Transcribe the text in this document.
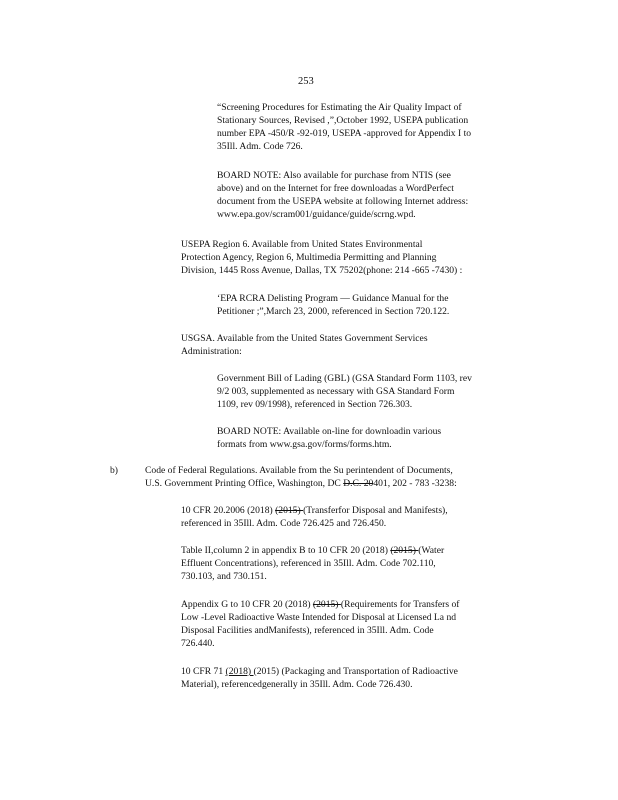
253
“Screening Procedures for Estimating the Air Quality Impact of
Stationary Sources, Revised ,”,October 1992, USEPA publication
number EPA -450/R -92-019, USEPA -approved for Appendix I to
35Ill. Adm. Code 726.
BOARD NOTE: Also available for purchase from NTIS (see
above) and on the Internet for free downloadas a WordPerfect
document from the USEPA website at following Internet address:
www.epa.gov/scram001/guidance/guide/scrng.wpd.
USEPA Region 6. Available from United States Environmental
Protection Agency, Region 6, Multimedia Permitting and Planning
Division, 1445 Ross Avenue, Dallas, TX 75202(phone: 214 -665 -7430) :
‘EPA RCRA Delisting Program — Guidance Manual for the
Petitioner ;”,March 23, 2000, referenced in Section 720.122.
USGSA. Available from the United States Government Services
Administration:
Government Bill of Lading (GBL) (GSA Standard Form 1103, rev
9/2 003, supplemented as necessary with GSA Standard Form
1109, rev 09/1998), referenced in Section 726.303.
BOARD NOTE: Available on-line for downloadin various
formats from www.gsa.gov/forms/forms.htm.
b)	Code of Federal Regulations. Available from the Su perintendent of Documents,
U.S. Government Printing Office, Washington, DC D.C. 20401, 202 - 783 -3238:
10 CFR 20.2006 (2018) (2015) (Transferfor Disposal and Manifests),
referenced in 35Ill. Adm. Code 726.425 and 726.450.
Table II,column 2 in appendix B to 10 CFR 20 (2018) (2015) (Water
Effluent Concentrations), referenced in 35Ill. Adm. Code 702.110,
730.103, and 730.151.
Appendix G to 10 CFR 20 (2018) (2015) (Requirements for Transfers of
Low -Level Radioactive Waste Intended for Disposal at Licensed La nd
Disposal Facilities andManifests), referenced in 35Ill. Adm. Code
726.440.
10 CFR 71 (2018) (2015) (Packaging and Transportation of Radioactive
Material), referencedgenerally in 35Ill. Adm. Code 726.430.
